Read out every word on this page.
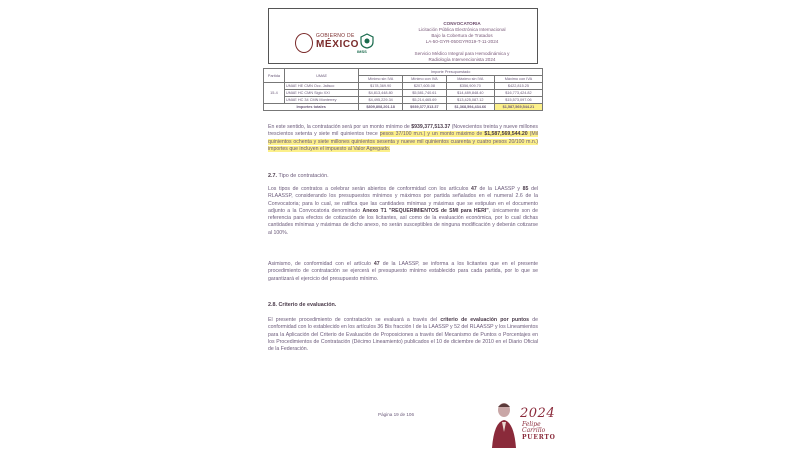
GOBIERNO DE
MÉXICO
IMSS
CONVOCATORIA
Licitación Pública Electrónica Internacional
Bajo la Cobertura de Tratados
LA-50-GYR-050GYR019-T-11-2024

Servicio Médico Integral para Hemodinámica y
Radiología Intervencionista 2024
Partida	UMAE	Importe Presupuestado			
		Mínimo sin IVA	Mínimo con IVA	Máximo sin IVA	Máximo con IVA
15-4	UMAE HE CMN Occ. Jalisco	$178,369.90	$207,605.08	$356,909.70	$422,815.25
	UMAE HC CMN Siglo XXI	$4,813,448.80	$5,581,740.61	$14,489,848.40	$16,773,424.82
	UMAE HC 34 CMN Monterrey	$4,495,229.34	$5,214,465.69	$13,425,087.12	$15,573,097.06
Importes totales		$809,808,201.18	$939,377,513.37	$1,368,594,434.66	$1,587,569,544.21
En este sentido, la contratación será por un monto mínimo de $939,377,513.37 (Novecientos treinta y nueve millones trescientos setenta y siete mil quinientos trece pesos 37/100 m.n.) y un monto máximo de $1,587,569,544.20 (Mil quinientos ochenta y siete millones quinientos sesenta y nueve mil quinientos cuarenta y cuatro pesos 20/100 m.n.) importes que incluyen el impuesto al Valor Agregado.
2.7. Tipo de contratación.
Los tipos de contratos a celebrar serán abiertos de conformidad con los artículos 47 de la LAASSP y 85 del RLAASSP, considerando los presupuestos mínimos y máximos por partida señalados en el numeral 2.6 de la Convocatoria; para lo cual, se ratifica que las cantidades mínimas y máximas que se estipulan en el documento adjunto a la Convocatoria denominado Anexo T1 "REQUERIMIENTOS de SMI para HERI", únicamente son de referencia para efectos de cotización de los licitantes, así como de la evaluación económica, por lo cual dichas cantidades mínimas y máximas de dicho anexo, no serán susceptibles de ninguna modificación y deberán cotizarse al 100%.
Asimismo, de conformidad con el artículo 47 de la LAASSP, se informa a los licitantes que en el presente procedimiento de contratación se ejercerá el presupuesto mínimo establecido para cada partida, por lo que se garantizará el ejercicio del presupuesto mínimo.
2.8. Criterio de evaluación.
El presente procedimiento de contratación se evaluará a través del criterio de evaluación por puntos de conformidad con lo establecido en los artículos 36 Bis fracción I de la LAASSP y 52 del RLAASSP y los Lineamientos para la Aplicación del Criterio de Evaluación de Proposiciones a través del Mecanismo de Puntos o Porcentajes en los Procedimientos de Contratación (Décimo Lineamiento) publicados el 10 de diciembre de 2010 en el Diario Oficial de la Federación.
Página 19 de 106	2024
Felipe Carrillo
PUERTO
